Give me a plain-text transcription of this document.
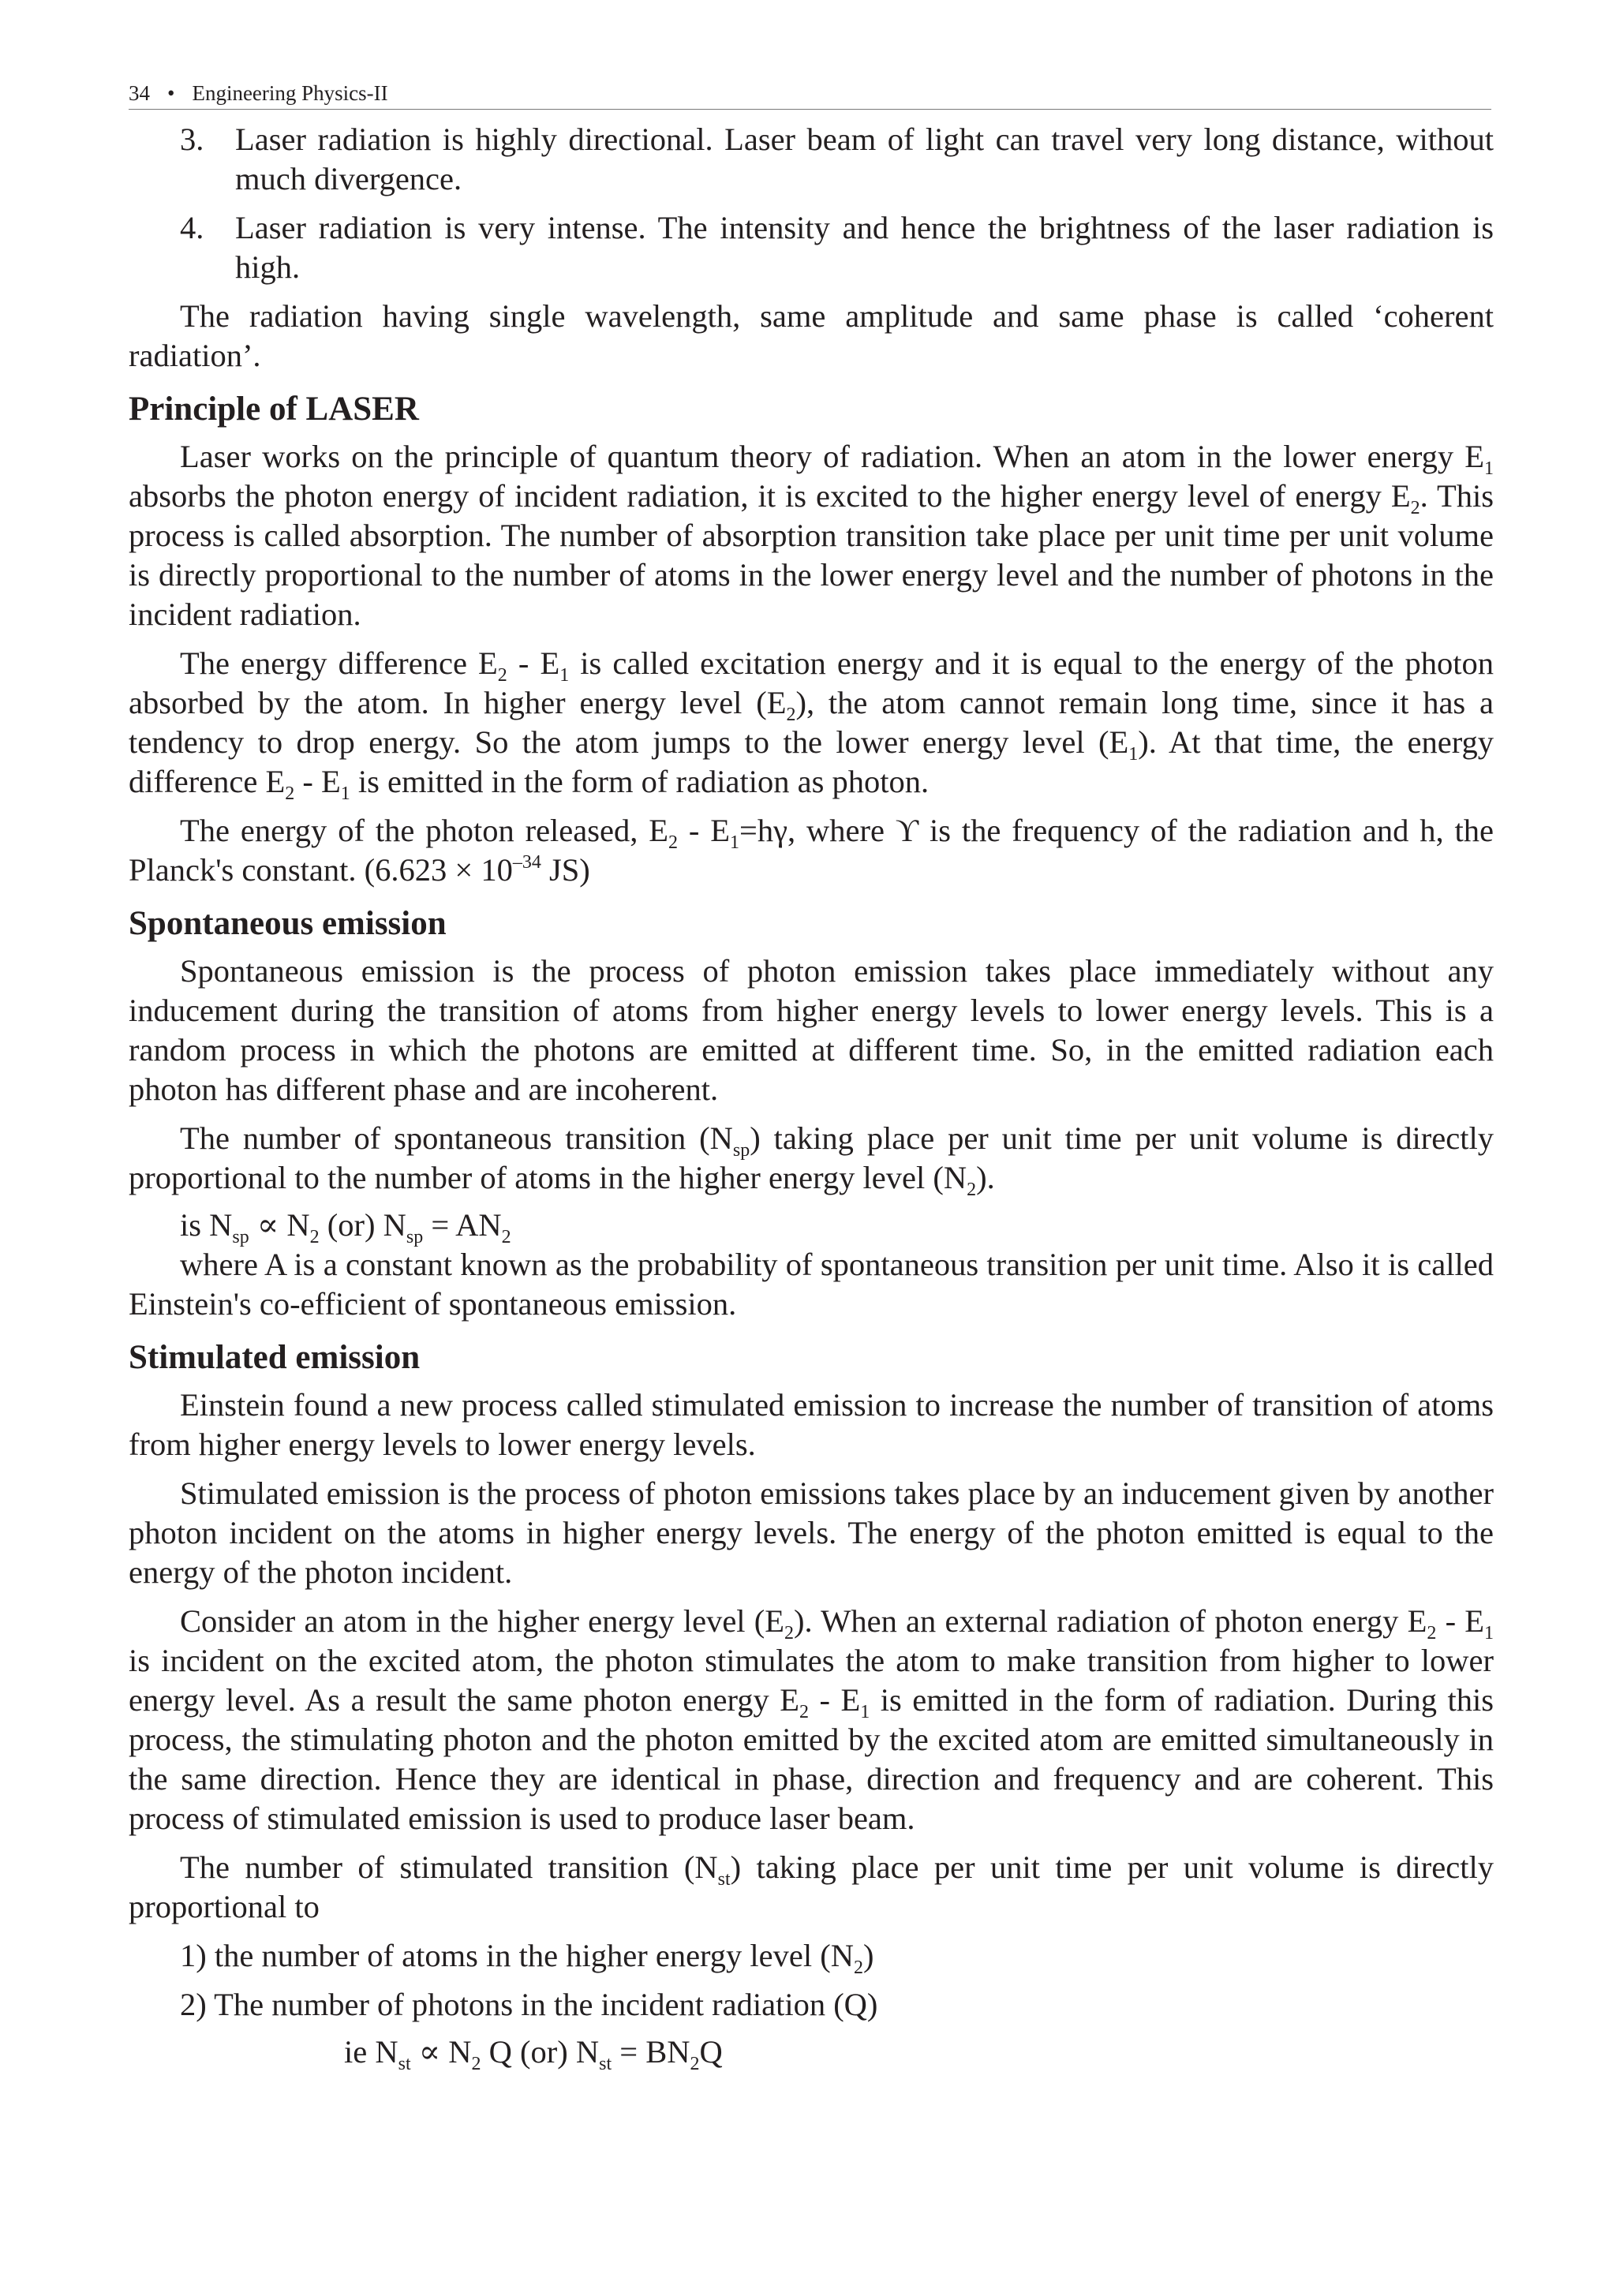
34 • Engineering Physics-II

3. Laser radiation is highly directional. Laser beam of light can travel very long distance, without much divergence.

4. Laser radiation is very intense. The intensity and hence the brightness of the laser radiation is high.

The radiation having single wavelength, same amplitude and same phase is called ‘coherent radiation’.

Principle of LASER

Laser works on the principle of quantum theory of radiation. When an atom in the lower energy $E_1$ absorbs the photon energy of incident radiation, it is excited to the higher energy level of energy $E_2$. This process is called absorption. The number of absorption transition take place per unit time per unit volume is directly proportional to the number of atoms in the lower energy level and the number of photons in the incident radiation.

The energy difference $E_2 - E_1$ is called excitation energy and it is equal to the energy of the photon absorbed by the atom. In higher energy level $(E_2)$, the atom cannot remain long time, since it has a tendency to drop energy. So the atom jumps to the lower energy level $(E_1)$. At that time, the energy difference $E_2 - E_1$ is emitted in the form of radiation as photon.

The energy of the photon released, $E_2 - E_1=h\gamma$, where ϒ is the frequency of the radiation and h, the Planck's constant. ($6.623 \times 10^{-34}$ JS)

Spontaneous emission

Spontaneous emission is the process of photon emission takes place immediately without any inducement during the transition of atoms from higher energy levels to lower energy levels. This is a random process in which the photons are emitted at different time. So, in the emitted radiation each photon has different phase and are incoherent.

The number of spontaneous transition $(N_{sp})$ taking place per unit time per unit volume is directly proportional to the number of atoms in the higher energy level $(N_2)$.

is $N_{sp} \propto N_2$ (or) $N_{sp} = AN_2$

where A is a constant known as the probability of spontaneous transition per unit time. Also it is called Einstein's co-efficient of spontaneous emission.

Stimulated emission

Einstein found a new process called stimulated emission to increase the number of transition of atoms from higher energy levels to lower energy levels.

Stimulated emission is the process of photon emissions takes place by an inducement given by another photon incident on the atoms in higher energy levels. The energy of the photon emitted is equal to the energy of the photon incident.

Consider an atom in the higher energy level $(E_2)$. When an external radiation of photon energy $E_2 - E_1$ is incident on the excited atom, the photon stimulates the atom to make transition from higher to lower energy level. As a result the same photon energy $E_2 - E_1$ is emitted in the form of radiation. During this process, the stimulating photon and the photon emitted by the excited atom are emitted simultaneously in the same direction. Hence they are identical in phase, direction and frequency and are coherent. This process of stimulated emission is used to produce laser beam.

The number of stimulated transition $(N_{st})$ taking place per unit time per unit volume is directly proportional to

1) the number of atoms in the higher energy level $(N_2)$

2) The number of photons in the incident radiation (Q)

ie $N_{st} \propto N_2$ Q (or) $N_{st} = BN_2Q$
